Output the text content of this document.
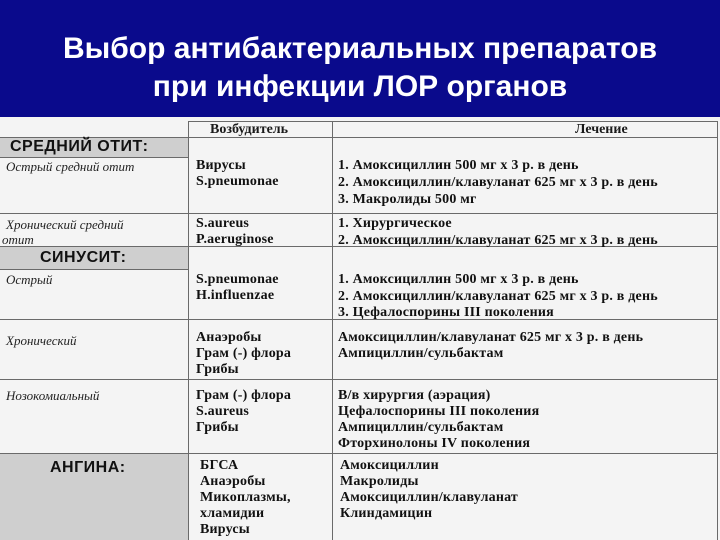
Выбор антибактериальных препаратов
при инфекции ЛОР органов
Возбудитель	Лечение
СРЕДНИЙ ОТИТ:
СИНУСИТ:
АНГИНА:
Острый средний отит
Хронический средний
отит
Острый
Хронический
Нозокомиальный
Вирусы
S.pneumonae
1. Амоксициллин 500 мг х 3 р. в день
2. Амоксициллин/клавуланат 625 мг х 3 р. в день
3. Макролиды 500 мг
S.aureus
P.aeruginose
1. Хирургическое
2. Амоксициллин/клавуланат 625 мг х 3 р. в день
S.pneumonae
H.influenzae
1. Амоксициллин 500 мг х 3 р. в день
2. Амоксициллин/клавуланат 625 мг х 3 р. в день
3. Цефалоспорины III поколения
Анаэробы
Грам (-) флора
Грибы
Амоксициллин/клавуланат 625 мг х 3 р. в день
Ампициллин/сульбактам
Грам (-) флора
S.aureus
Грибы
В/в хирургия (аэрация)
Цефалоспорины III поколения
Ампициллин/сульбактам
Фторхинолоны IV поколения
БГСА
Анаэробы
Микоплазмы,
хламидии
Вирусы
Амоксициллин
Макролиды
Амоксициллин/клавуланат
Клиндамицин
